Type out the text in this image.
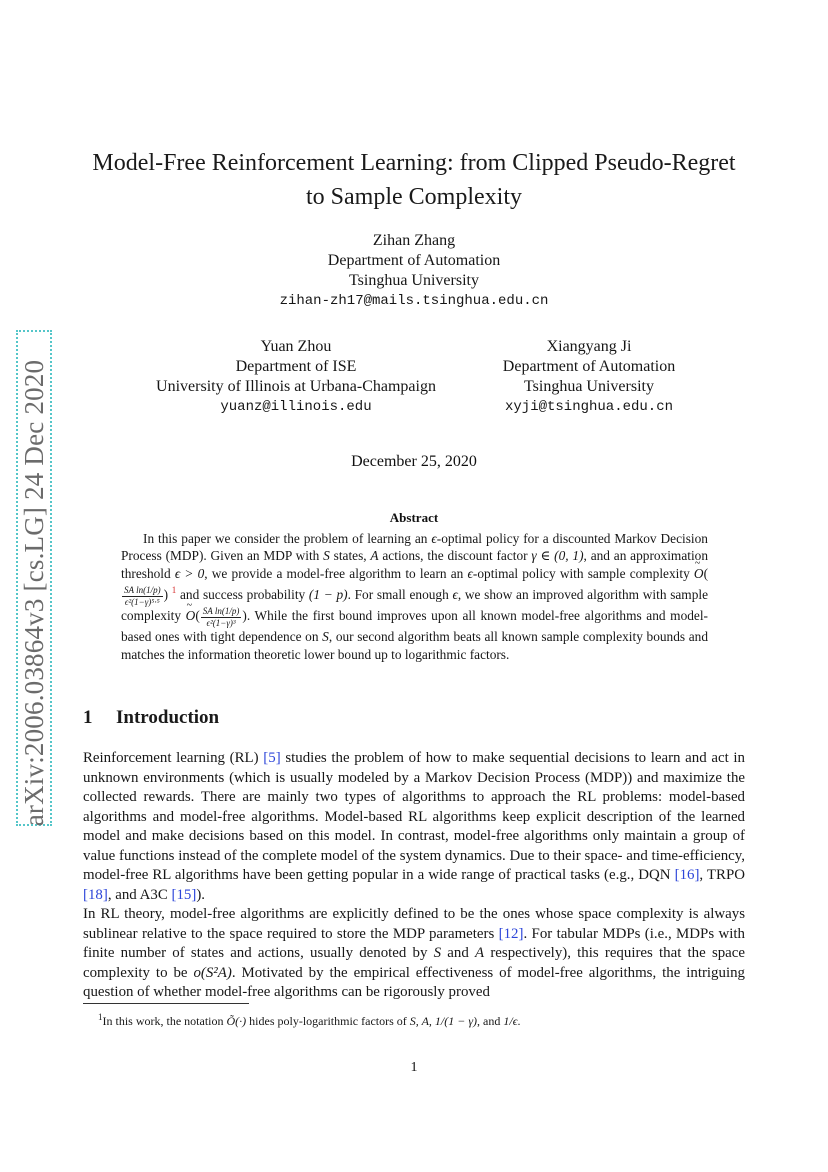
arXiv:2006.03864v3 [cs.LG] 24 Dec 2020
Model-Free Reinforcement Learning: from Clipped Pseudo-Regret
to Sample Complexity
Zihan Zhang
Department of Automation
Tsinghua University
zihan-zh17@mails.tsinghua.edu.cn
Yuan Zhou
Department of ISE
University of Illinois at Urbana-Champaign
yuanz@illinois.edu
Xiangyang Ji
Department of Automation
Tsinghua University
xyji@tsinghua.edu.cn
December 25, 2020
Abstract
In this paper we consider the problem of learning an ϵ-optimal policy for a discounted Markov Decision Process (MDP). Given an MDP with S states, A actions, the discount factor γ ∈ (0, 1), and an approximation threshold ϵ > 0, we provide a model-free algorithm to learn an ϵ-optimal policy with sample complexity ~ O(
$\frac{\text{SA ln(1/p)}}{\text{ϵ²(1−γ)⁵·⁵}}$ ) $^1$ and success probability (1 − p). For small enough ϵ, we show an improved algorithm with sample complexity ~ $O( \frac{\text{SA ln(1/p)}}{\text{ϵ²(1−γ)³}}$ ). While the first bound improves upon all known model-free algorithms and model-based ones with tight dependence on S, our second algorithm beats all known sample complexity bounds and matches the information theoretic lower bound up to logarithmic factors.
1 Introduction
Reinforcement learning (RL) [5] studies the problem of how to make sequential decisions to learn and act in unknown environments (which is usually modeled by a Markov Decision Process (MDP)) and maximize the collected rewards. There are mainly two types of algorithms to approach the RL problems: model-based algorithms and model-free algorithms. Model-based RL algorithms keep explicit description of the learned model and make decisions based on this model. In contrast, model-free algorithms only maintain a group of value functions instead of the complete model of the system dynamics. Due to their space- and time-efficiency, model-free RL algorithms have been getting popular in a wide range of practical tasks (e.g., DQN [16], TRPO [18], and A3C [15]).
In RL theory, model-free algorithms are explicitly defined to be the ones whose space complexity is always sublinear relative to the space required to store the MDP parameters [12]. For tabular MDPs (i.e., MDPs with finite number of states and actions, usually denoted by S and A respectively), this requires that the space complexity to be o(S²A). Motivated by the empirical effectiveness of model-free algorithms, the intriguing question of whether model-free algorithms can be rigorously proved
$^1$In this work, the notation Õ(·) hides poly-logarithmic factors of S, A, 1/(1 − γ), and 1/ϵ.
1
